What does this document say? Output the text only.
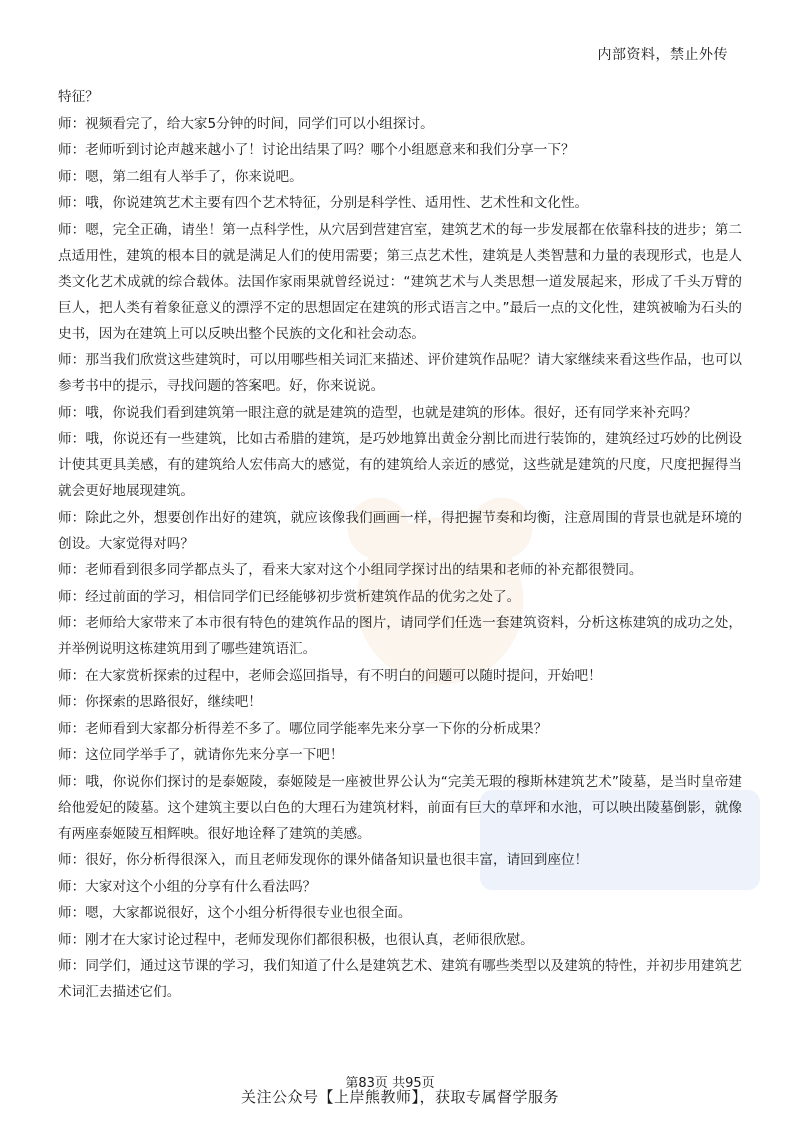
内部资料，禁止外传

特征？

师：视频看完了，给大家5分钟的时间，同学们可以小组探讨。

师：老师听到讨论声越来越小了！讨论出结果了吗？哪个小组愿意来和我们分享一下？

师：嗯，第二组有人举手了，你来说吧。

师：哦，你说建筑艺术主要有四个艺术特征，分别是科学性、适用性、艺术性和文化性。

师：嗯，完全正确，请坐！第一点科学性，从穴居到营建宫室，建筑艺术的每一步发展都在依靠科技的进步；第二点适用性，建筑的根本目的就是满足人们的使用需要；第三点艺术性，建筑是人类智慧和力量的表现形式，也是人类文化艺术成就的综合载体。法国作家雨果就曾经说过：“建筑艺术与人类思想一道发展起来，形成了千头万臂的巨人，把人类有着象征意义的漂浮不定的思想固定在建筑的形式语言之中。”最后一点的文化性，建筑被喻为石头的史书，因为在建筑上可以反映出整个民族的文化和社会动态。

师：那当我们欣赏这些建筑时，可以用哪些相关词汇来描述、评价建筑作品呢？请大家继续来看这些作品，也可以参考书中的提示，寻找问题的答案吧。好，你来说说。

师：哦，你说我们看到建筑第一眼注意的就是建筑的造型，也就是建筑的形体。很好，还有同学来补充吗？

师：哦，你说还有一些建筑，比如古希腊的建筑，是巧妙地算出黄金分割比而进行装饰的，建筑经过巧妙的比例设计使其更具美感，有的建筑给人宏伟高大的感觉，有的建筑给人亲近的感觉，这些就是建筑的尺度，尺度把握得当就会更好地展现建筑。

师：除此之外，想要创作出好的建筑，就应该像我们画画一样，得把握节奏和均衡，注意周围的背景也就是环境的创设。大家觉得对吗？

师：老师看到很多同学都点头了，看来大家对这个小组同学探讨出的结果和老师的补充都很赞同。

师：经过前面的学习，相信同学们已经能够初步赏析建筑作品的优劣之处了。

师：老师给大家带来了本市很有特色的建筑作品的图片，请同学们任选一套建筑资料，分析这栋建筑的成功之处，并举例说明这栋建筑用到了哪些建筑语汇。

师：在大家赏析探索的过程中，老师会巡回指导，有不明白的问题可以随时提问，开始吧！

师：你探索的思路很好，继续吧！

师：老师看到大家都分析得差不多了。哪位同学能率先来分享一下你的分析成果？

师：这位同学举手了，就请你先来分享一下吧！

师：哦，你说你们探讨的是泰姬陵，泰姬陵是一座被世界公认为“完美无瑕的穆斯林建筑艺术”陵墓，是当时皇帝建给他爱妃的陵墓。这个建筑主要以白色的大理石为建筑材料，前面有巨大的草坪和水池，可以映出陵墓倒影，就像有两座泰姬陵互相辉映。很好地诠释了建筑的美感。

师：很好，你分析得很深入，而且老师发现你的课外储备知识量也很丰富，请回到座位！

师：大家对这个小组的分享有什么看法吗？

师：嗯，大家都说很好，这个小组分析得很专业也很全面。

师：刚才在大家讨论过程中，老师发现你们都很积极，也很认真，老师很欣慰。

师：同学们，通过这节课的学习，我们知道了什么是建筑艺术、建筑有哪些类型以及建筑的特性，并初步用建筑艺术词汇去描述它们。

第83页 共95页
关注公众号【上岸熊教师】，获取专属督学服务
